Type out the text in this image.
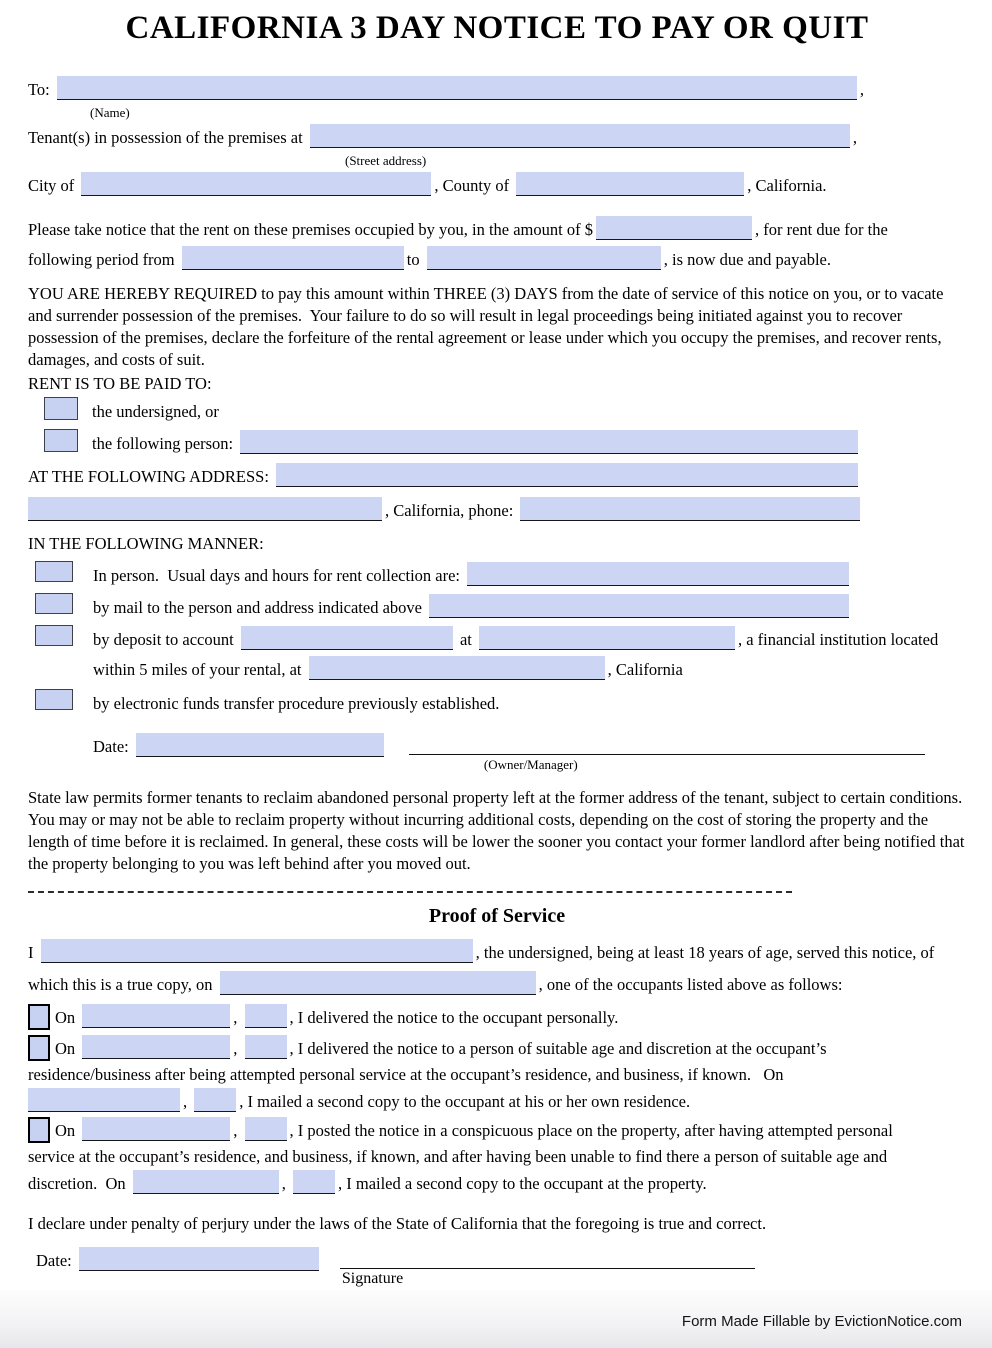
CALIFORNIA 3 DAY NOTICE TO PAY OR QUIT
To:	,
(Name)
Tenant(s) in possession of the premises at	,
(Street address)
City of	, County of	, California.
Please take notice that the rent on these premises occupied by you, in the amount of $	, for rent due for the
following period from	to	, is now due and payable.

YOU ARE HEREBY REQUIRED to pay this amount within THREE (3) DAYS from the date of service of this notice on you, or to vacate and surrender possession of the premises.  Your failure to do so will result in legal proceedings being initiated against you to recover possession of the premises, declare the forfeiture of the rental agreement or lease under which you occupy the premises, and recover rents, damages, and costs of suit.

RENT IS TO BE PAID TO:
the undersigned, or
the following person:
AT THE FOLLOWING ADDRESS:
, California, phone:
IN THE FOLLOWING MANNER:
In person.  Usual days and hours for rent collection are:
by mail to the person and address indicated above
by deposit to account	at	, a financial institution located
within 5 miles of your rental, at	, California
by electronic funds transfer procedure previously established.
Date:
(Owner/Manager)

State law permits former tenants to reclaim abandoned personal property left at the former address of the tenant, subject to certain conditions. You may or may not be able to reclaim property without incurring additional costs, depending on the cost of storing the property and the length of time before it is reclaimed. In general, these costs will be lower the sooner you contact your former landlord after being notified that the property belonging to you was left behind after you moved out.

Proof of Service
I	, the undersigned, being at least 18 years of age, served this notice, of
which this is a true copy, on	, one of the occupants listed above as follows:
On	,	, I delivered the notice to the occupant personally.
On	,	, I delivered the notice to a person of suitable age and discretion at the occupant’s
residence/business after being attempted personal service at the occupant’s residence, and business, if known.   On
,	, I mailed a second copy to the occupant at his or her own residence.
On	,	, I posted the notice in a conspicuous place on the property, after having attempted personal
service at the occupant’s residence, and business, if known, and after having been unable to find there a person of suitable age and
discretion.  On	,	, I mailed a second copy to the occupant at the property.

I declare under penalty of perjury under the laws of the State of California that the foregoing is true and correct.

Date:
Signature
Form Made Fillable by EvictionNotice.com
